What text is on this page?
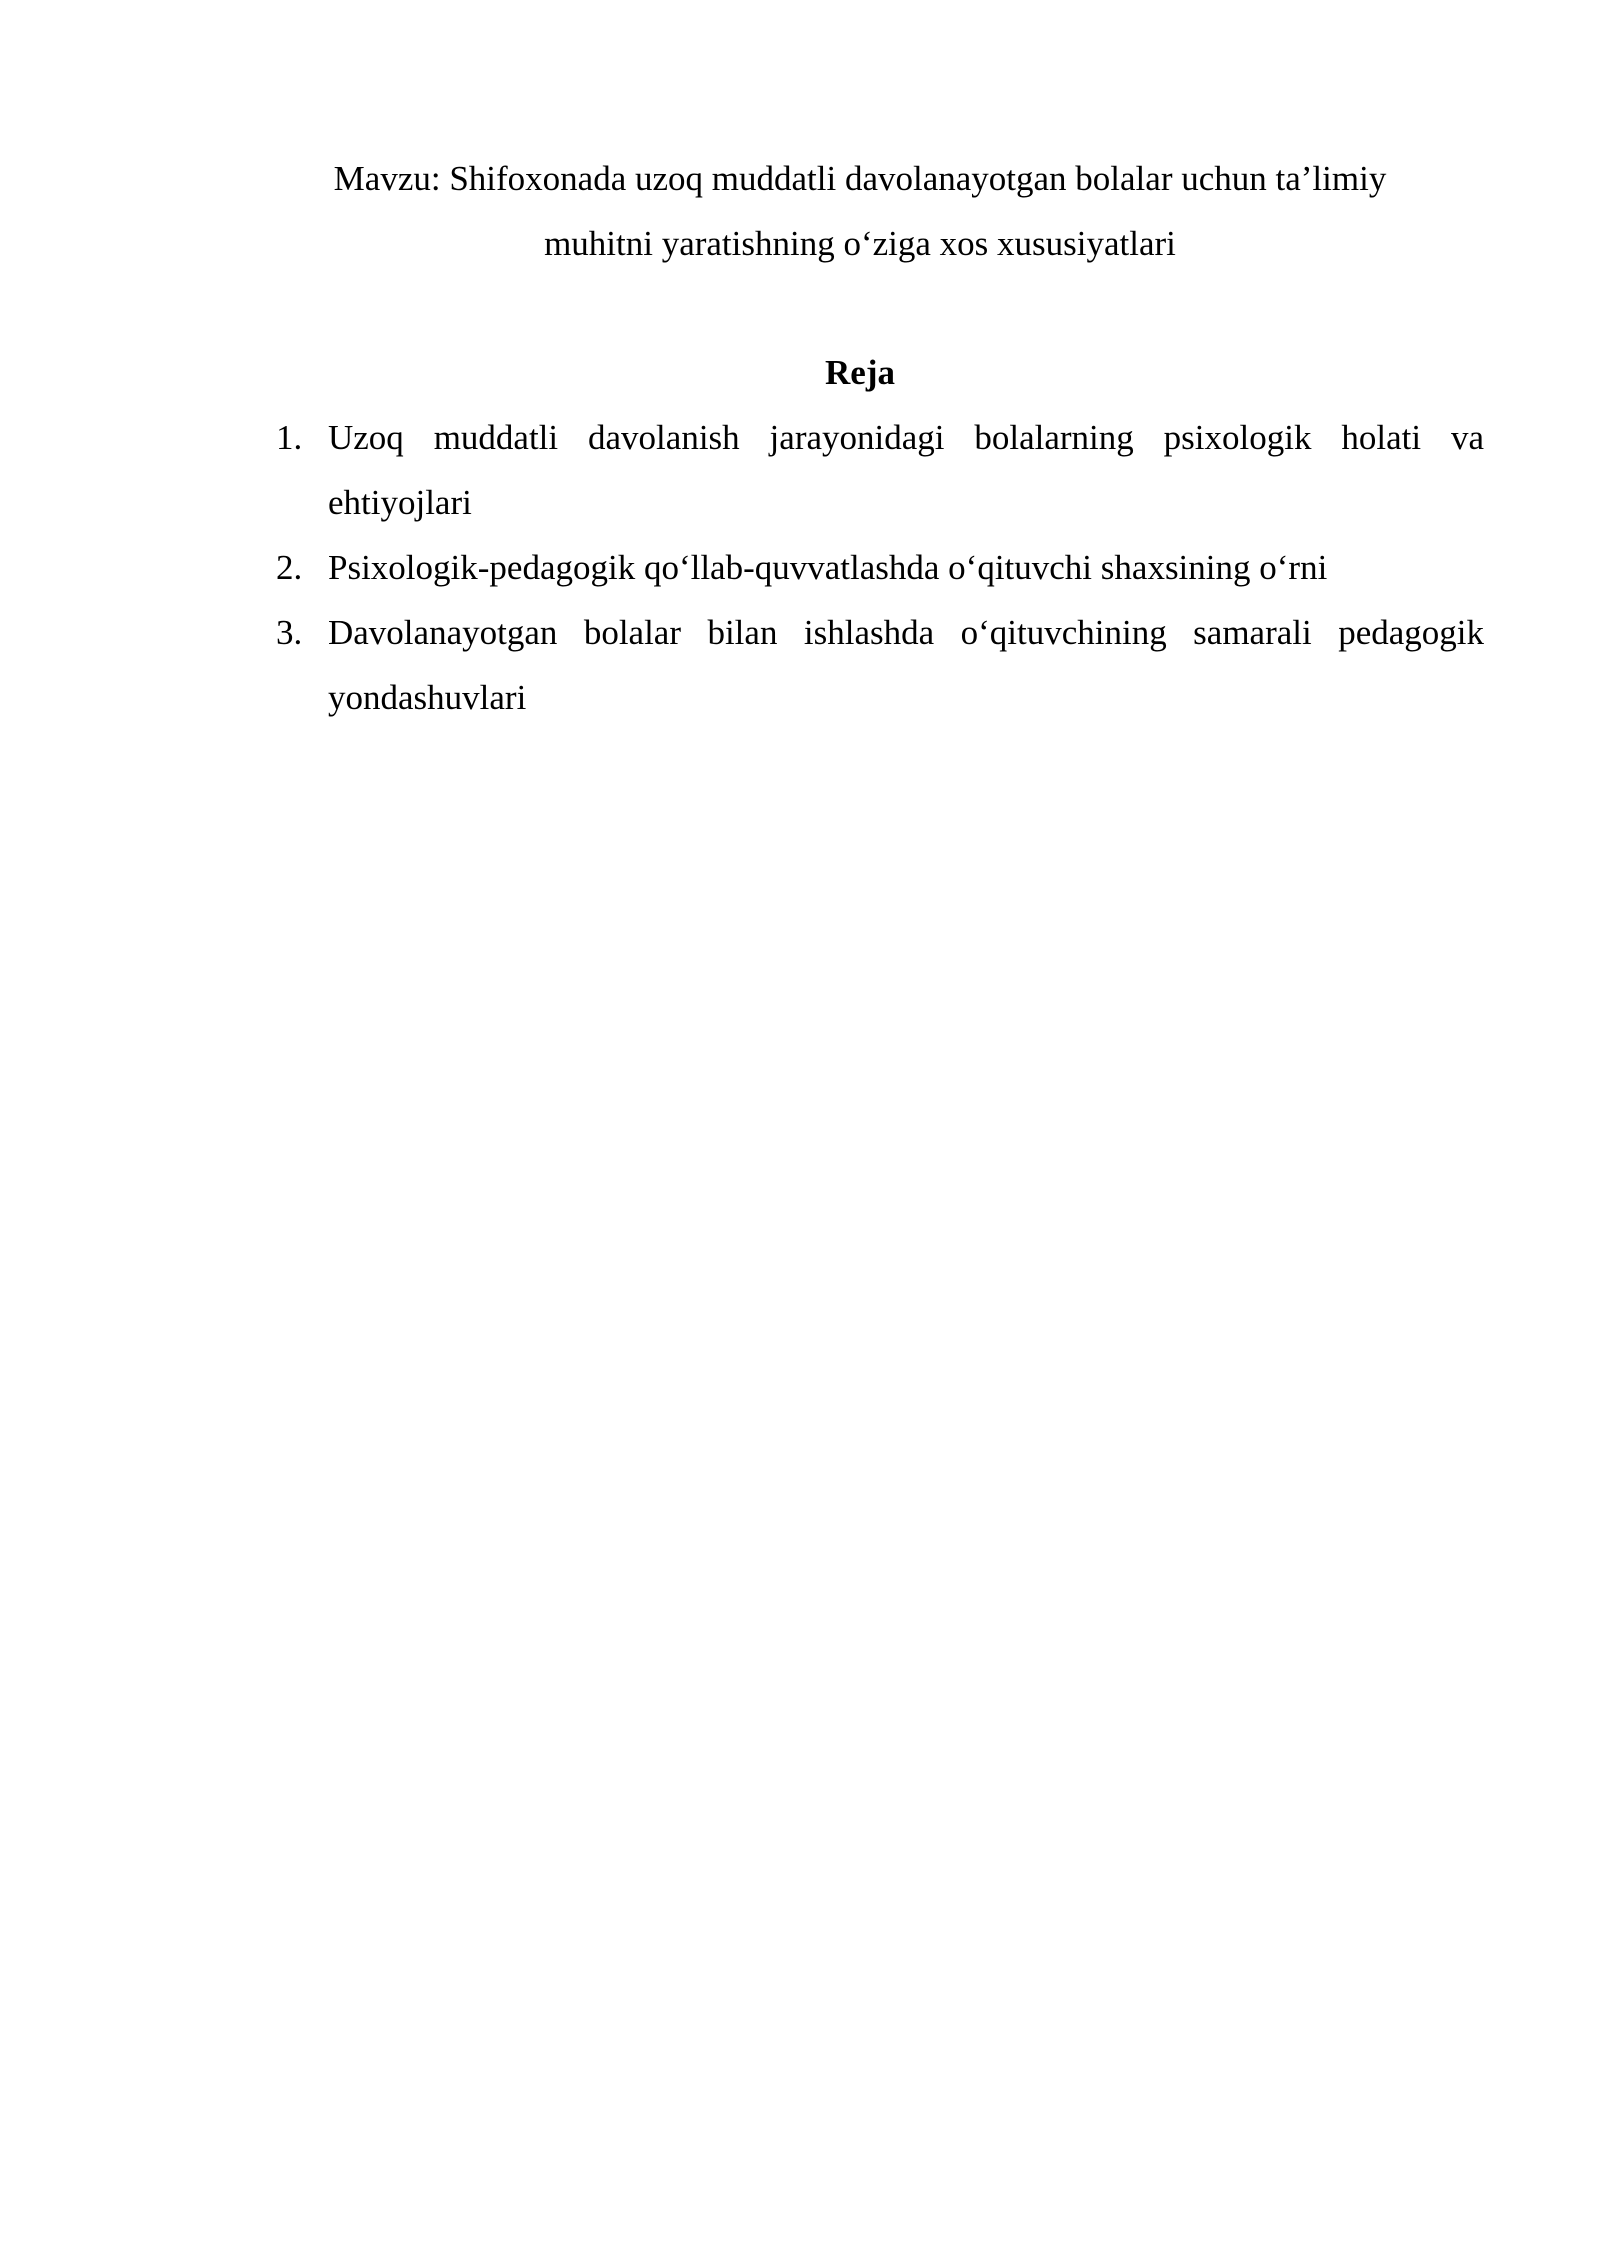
Mavzu: Shifoxonada uzoq muddatli davolanayotgan bolalar uchun ta’limiy

muhitni yaratishning o‘ziga xos xususiyatlari

Reja
1. Uzoq muddatli davolanish jarayonidagi bolalarning psixologik holati va ehtiyojlari
2. Psixologik-pedagogik qo‘llab-quvvatlashda o‘qituvchi shaxsining o‘rni
3. Davolanayotgan bolalar bilan ishlashda o‘qituvchining samarali pedagogik yondashuvlari
